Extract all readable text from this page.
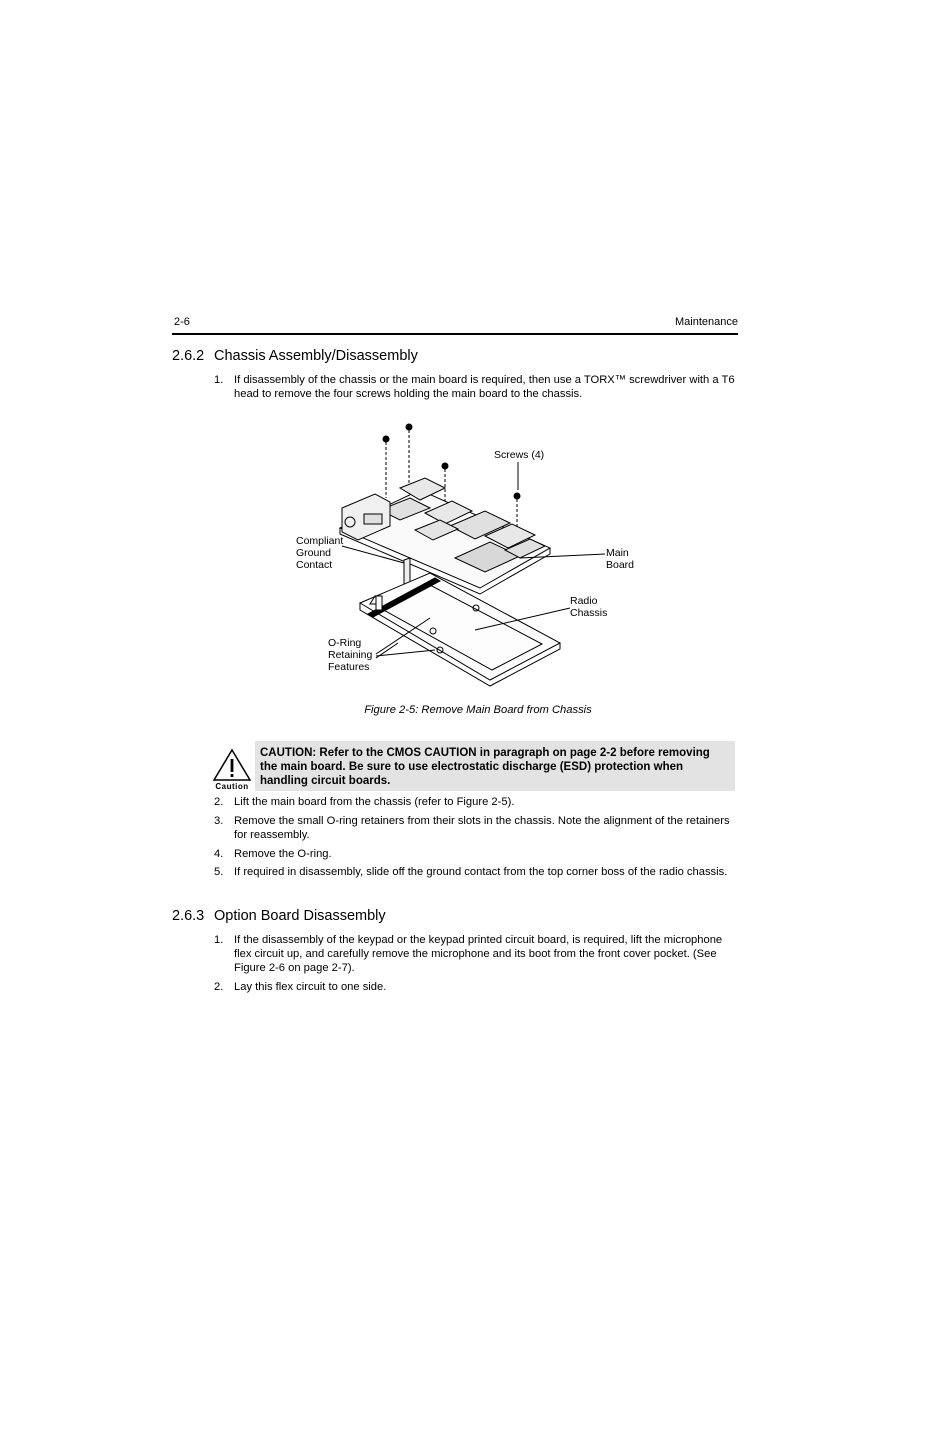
2-6	Maintenance
2.6.2 Chassis Assembly/Disassembly
1. If disassembly of the chassis or the main board is required, then use a TORX™ screwdriver with a T6 head to remove the four screws holding the main board to the chassis.
Screws (4)
Compliant
Ground
Contact
Main
Board
Radio
Chassis
O-Ring
Retaining
Features
Figure 2-5: Remove Main Board from Chassis
Caution
CAUTION: Refer to the CMOS CAUTION in paragraph on page 2-2 before removing the main board. Be sure to use electrostatic discharge (ESD) protection when handling circuit boards.
2. Lift the main board from the chassis (refer to Figure 2-5).
3. Remove the small O-ring retainers from their slots in the chassis. Note the alignment of the retainers for reassembly.
4. Remove the O-ring.
5. If required in disassembly, slide off the ground contact from the top corner boss of the radio chassis.
2.6.3 Option Board Disassembly
1. If the disassembly of the keypad or the keypad printed circuit board, is required, lift the microphone flex circuit up, and carefully remove the microphone and its boot from the front cover pocket. (See Figure 2-6 on page 2-7).
2. Lay this flex circuit to one side.
